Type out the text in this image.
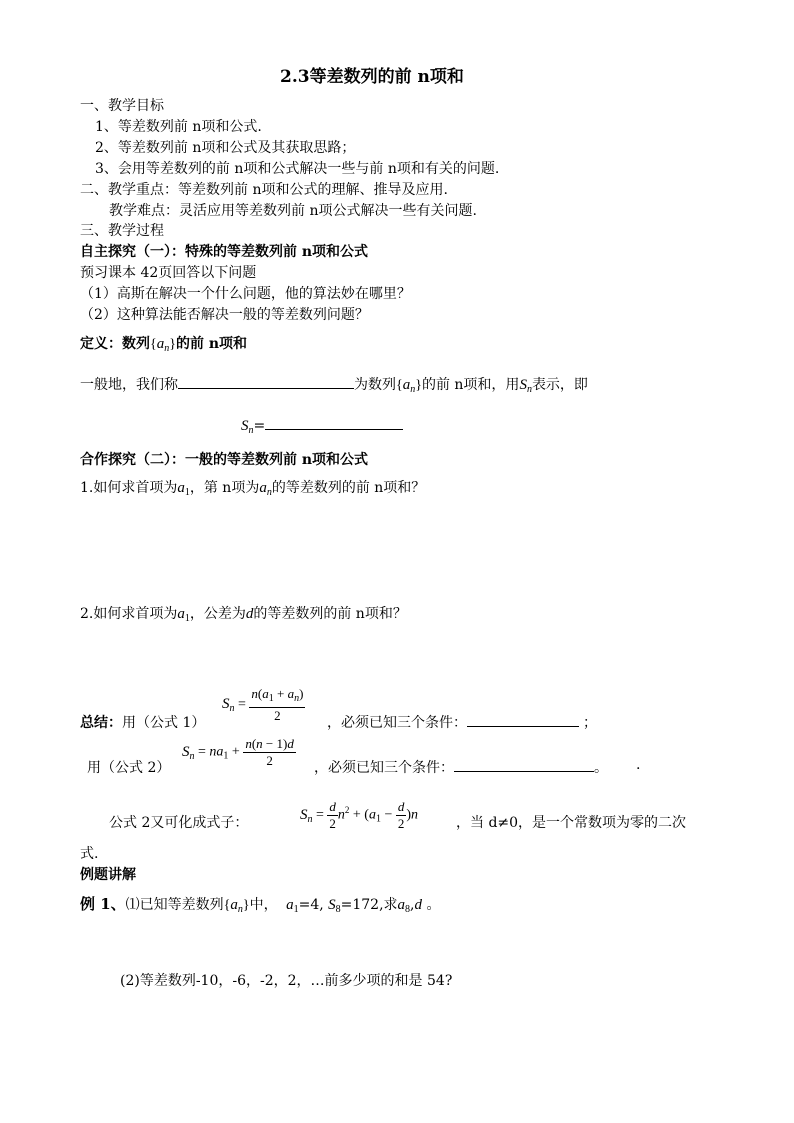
2.3等差数列的前 n项和
一、教学目标
1、等差数列前 n项和公式.
2、等差数列前 n项和公式及其获取思路；
3、会用等差数列的前 n项和公式解决一些与前 n项和有关的问题.
二、教学重点：等差数列前 n项和公式的理解、推导及应用.
教学难点：灵活应用等差数列前 n项公式解决一些有关问题.
三、教学过程
自主探究（一）：特殊的等差数列前 n项和公式
预习课本 42页回答以下问题
（1）高斯在解决一个什么问题，他的算法妙在哪里？
（2）这种算法能否解决一般的等差数列问题？
定义：数列$\{a_n\}$的前 n项和
一般地，我们称	为数列$\{a_n\}$的前 n项和，用$S_n$表示，即
$S_n=$
合作探究（二）：一般的等差数列前 n项和公式
1.如何求首项为$a_1$，第 n项为$a_n$的等差数列的前 n项和？
2.如何求首项为$a_1$，公差为d的等差数列的前 n项和？
总结：用（公式 1）
$S_n = \frac{n(a_1 + a_n)}{2}$ ，必须已知三个条件：	；
用（公式 2）
$S_n = na_1 + \frac{n(n - 1)d}{2}$ ，必须已知三个条件：	。 .
公式 2又可化成式子：
$S_n = \frac{d}{2} n^2 + (a_1 - \frac{d}{2} )n$	，当 d≠0，是一个常数项为零的二次
式.
例题讲解
例 1、⑴已知等差数列$\{a_n\}$中， $a_1=4$, $S_8=172$,求$a_8,d$ 。
(2)等差数列-10，-6，-2，2，…前多少项的和是 54?
